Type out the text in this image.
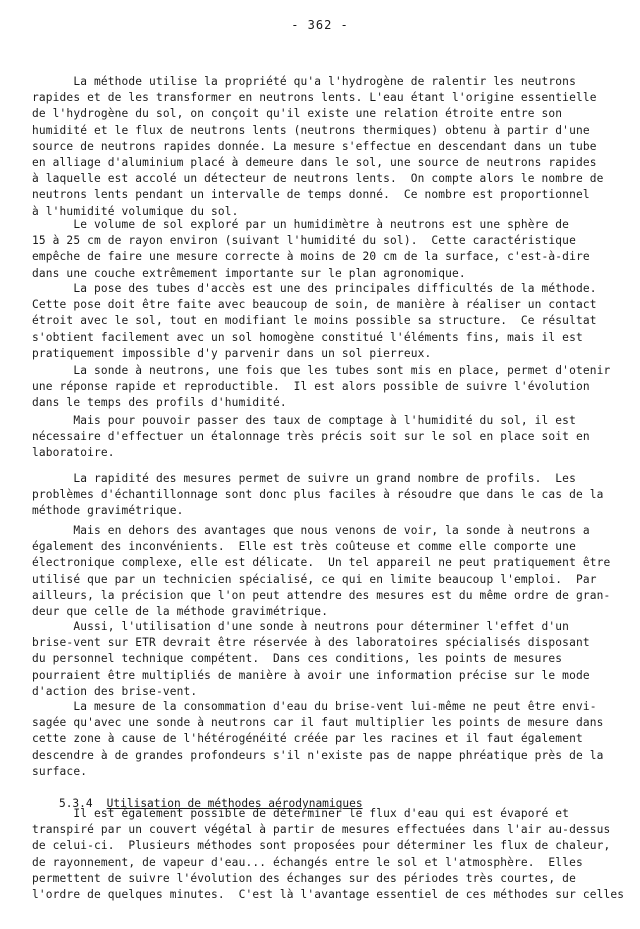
- 362 -

La méthode utilise la propriété qu'a l'hydrogène de ralentir les neutrons
rapides et de les transformer en neutrons lents. L'eau étant l'origine essentielle
de l'hydrogène du sol, on conçoit qu'il existe une relation étroite entre son
humidité et le flux de neutrons lents (neutrons thermiques) obtenu à partir d'une
source de neutrons rapides donnée. La mesure s'effectue en descendant dans un tube
en alliage d'aluminium placé à demeure dans le sol, une source de neutrons rapides
à laquelle est accolé un détecteur de neutrons lents.  On compte alors le nombre de
neutrons lents pendant un intervalle de temps donné.  Ce nombre est proportionnel
à l'humidité volumique du sol.

Le volume de sol exploré par un humidimètre à neutrons est une sphère de
15 à 25 cm de rayon environ (suivant l'humidité du sol).  Cette caractéristique
empêche de faire une mesure correcte à moins de 20 cm de la surface, c'est-à-dire
dans une couche extrêmement importante sur le plan agronomique.

La pose des tubes d'accès est une des principales difficultés de la méthode.
Cette pose doit être faite avec beaucoup de soin, de manière à réaliser un contact
étroit avec le sol, tout en modifiant le moins possible sa structure.  Ce résultat
s'obtient facilement avec un sol homogène constitué l'éléments fins, mais il est
pratiquement impossible d'y parvenir dans un sol pierreux.

La sonde à neutrons, une fois que les tubes sont mis en place, permet d'otenir
une réponse rapide et reproductible.  Il est alors possible de suivre l'évolution
dans le temps des profils d'humidité.

Mais pour pouvoir passer des taux de comptage à l'humidité du sol, il est
nécessaire d'effectuer un étalonnage très précis soit sur le sol en place soit en
laboratoire.

La rapidité des mesures permet de suivre un grand nombre de profils.  Les
problèmes d'échantillonnage sont donc plus faciles à résoudre que dans le cas de la
méthode gravimétrique.

Mais en dehors des avantages que nous venons de voir, la sonde à neutrons a
également des inconvénients.  Elle est très coûteuse et comme elle comporte une
électronique complexe, elle est délicate.  Un tel appareil ne peut pratiquement être
utilisé que par un technicien spécialisé, ce qui en limite beaucoup l'emploi.  Par
ailleurs, la précision que l'on peut attendre des mesures est du même ordre de gran-
deur que celle de la méthode gravimétrique.

Aussi, l'utilisation d'une sonde à neutrons pour déterminer l'effet d'un
brise-vent sur ETR devrait être réservée à des laboratoires spécialisés disposant
du personnel technique compétent.  Dans ces conditions, les points de mesures
pourraient être multipliés de manière à avoir une information précise sur le mode
d'action des brise-vent.

La mesure de la consommation d'eau du brise-vent lui-même ne peut être envi-
sagée qu'avec une sonde à neutrons car il faut multiplier les points de mesure dans
cette zone à cause de l'hétérogénéité créée par les racines et il faut également
descendre à de grandes profondeurs s'il n'existe pas de nappe phréatique près de la
surface.

5.3.4 Utilisation de méthodes aérodynamiques

Il est également possible de déterminer le flux d'eau qui est évaporé et
transpiré par un couvert végétal à partir de mesures effectuées dans l'air au-dessus
de celui-ci.  Plusieurs méthodes sont proposées pour déterminer les flux de chaleur,
de rayonnement, de vapeur d'eau... échangés entre le sol et l'atmosphère.  Elles
permettent de suivre l'évolution des échanges sur des périodes très courtes, de
l'ordre de quelques minutes.  C'est là l'avantage essentiel de ces méthodes sur celles
